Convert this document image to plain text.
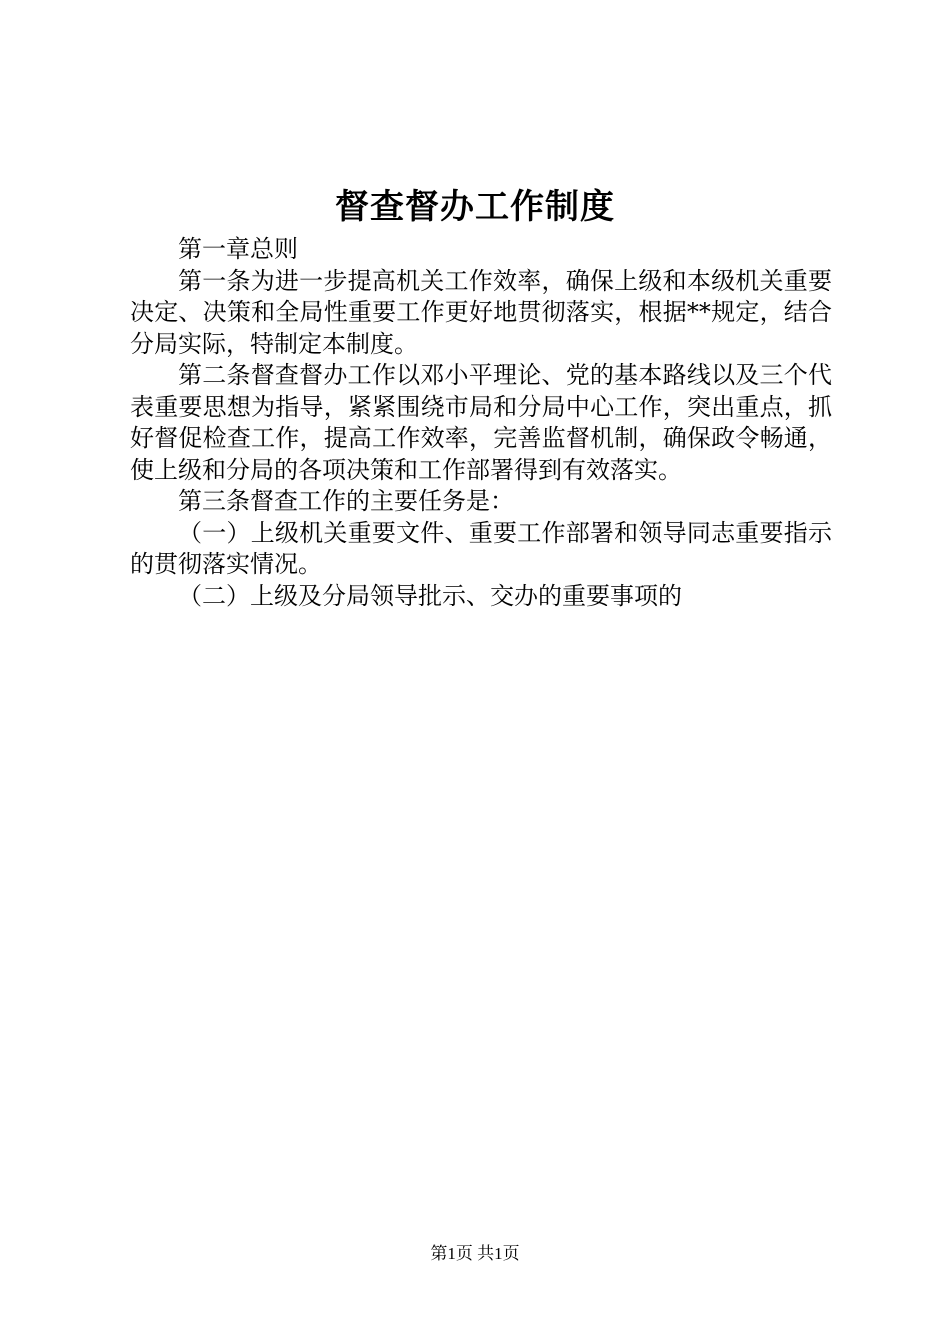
督查督办工作制度

第一章总则

第一条为进一步提高机关工作效率，确保上级和本级机关重要决定、决策和全局性重要工作更好地贯彻落实，根据**规定，结合分局实际，特制定本制度。

第二条督查督办工作以邓小平理论、党的基本路线以及三个代表重要思想为指导，紧紧围绕市局和分局中心工作，突出重点，抓好督促检查工作，提高工作效率，完善监督机制，确保政令畅通，使上级和分局的各项决策和工作部署得到有效落实。

第三条督查工作的主要任务是：

（一）上级机关重要文件、重要工作部署和领导同志重要指示的贯彻落实情况。

（二）上级及分局领导批示、交办的重要事项的

第1页 共1页
